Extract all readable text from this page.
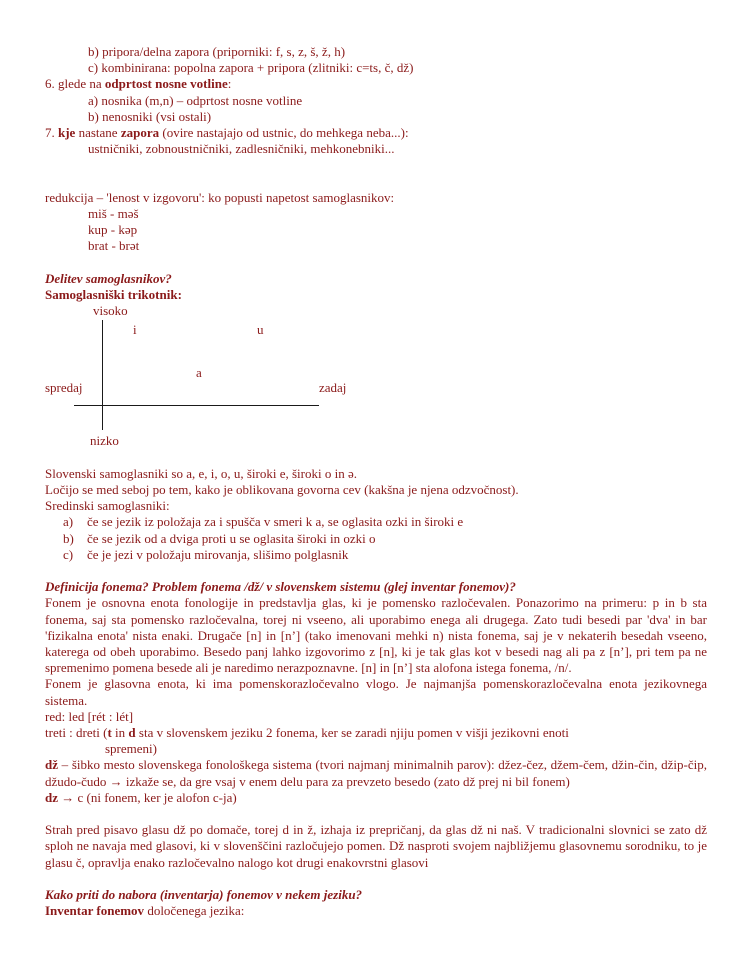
b) pripora/delna zapora (priporniki: f, s, z, š, ž, h)
c) kombinirana: popolna zapora + pripora (zlitniki: c=ts, č, dž)
6. glede na odprtost nosne votline:
a) nosnika (m,n) – odprtost nosne votline
b) nenosniki (vsi ostali)
7. kje nastane zapora (ovire nastajajo od ustnic, do mehkega neba...):
ustničniki, zobnoustničniki, zadlesničniki, mehkonebniki...
redukcija – 'lenost v izgovoru': ko popusti napetost samoglasnikov:
miš - məš
kup - kəp
brat - brət
Delitev samoglasnikov?
Samoglasniški trikotnik:
visoko
i	u
a
spredaj	zadaj
nizko
Slovenski samoglasniki so a, e, i, o, u, široki e, široki o in ə.
Ločijo se med seboj po tem, kako je oblikovana govorna cev (kakšna je njena odzvočnost).
Sredinski samoglasniki:
a)	če se jezik iz položaja za i spušča v smeri k a, se oglasita ozki in široki e
b)	če se jezik od a dviga proti u se oglasita široki in ozki o
c)	če je jezi v položaju mirovanja, slišimo polglasnik
Definicija fonema? Problem fonema /dž/ v slovenskem sistemu (glej inventar fonemov)?
Fonem je osnovna enota fonologije in predstavlja glas, ki je pomensko razločevalen. Ponazorimo na primeru: p in b sta fonema, saj sta pomensko razločevalna, torej ni vseeno, ali uporabimo enega ali drugega. Zato tudi besedi par 'dva' in bar 'fizikalna enota' nista enaki. Drugače [n] in [n’] (tako imenovani mehki n) nista fonema, saj je v nekaterih besedah vseeno, katerega od obeh uporabimo. Besedo panj lahko izgovorimo z [n], ki je tak glas kot v besedi nag ali pa z [n’], pri tem pa ne spremenimo pomena besede ali je naredimo nerazpoznavne. [n] in [n’] sta alofona istega fonema, /n/.
Fonem je glasovna enota, ki ima pomenskorazločevalno vlogo. Je najmanjša pomenskorazločevalna enota jezikovnega sistema.
red: led [rét : lét]
treti : dreti (t in d sta v slovenskem jeziku 2 fonema, ker se zaradi njiju pomen v višji jezikovni enoti
spremeni)
dž – šibko mesto slovenskega fonološkega sistema (tvori najmanj minimalnih parov): džez-čez, džem-čem, džin-čin, džip-čip, džudo-čudo → izkaže se, da gre vsaj v enem delu para za prevzeto besedo (zato dž prej ni bil fonem)
dz → c (ni fonem, ker je alofon c-ja)
Strah pred pisavo glasu dž po domače, torej d in ž, izhaja iz prepričanj, da glas dž ni naš. V tradicionalni slovnici se zato dž sploh ne navaja med glasovi, ki v slovenščini razločujejo pomen. Dž nasproti svojem najbližjemu glasovnemu sorodniku, to je glasu č, opravlja enako razločevalno nalogo kot drugi enakovrstni glasovi
Kako priti do nabora (inventarja) fonemov v nekem jeziku?
Inventar fonemov določenega jezika:
